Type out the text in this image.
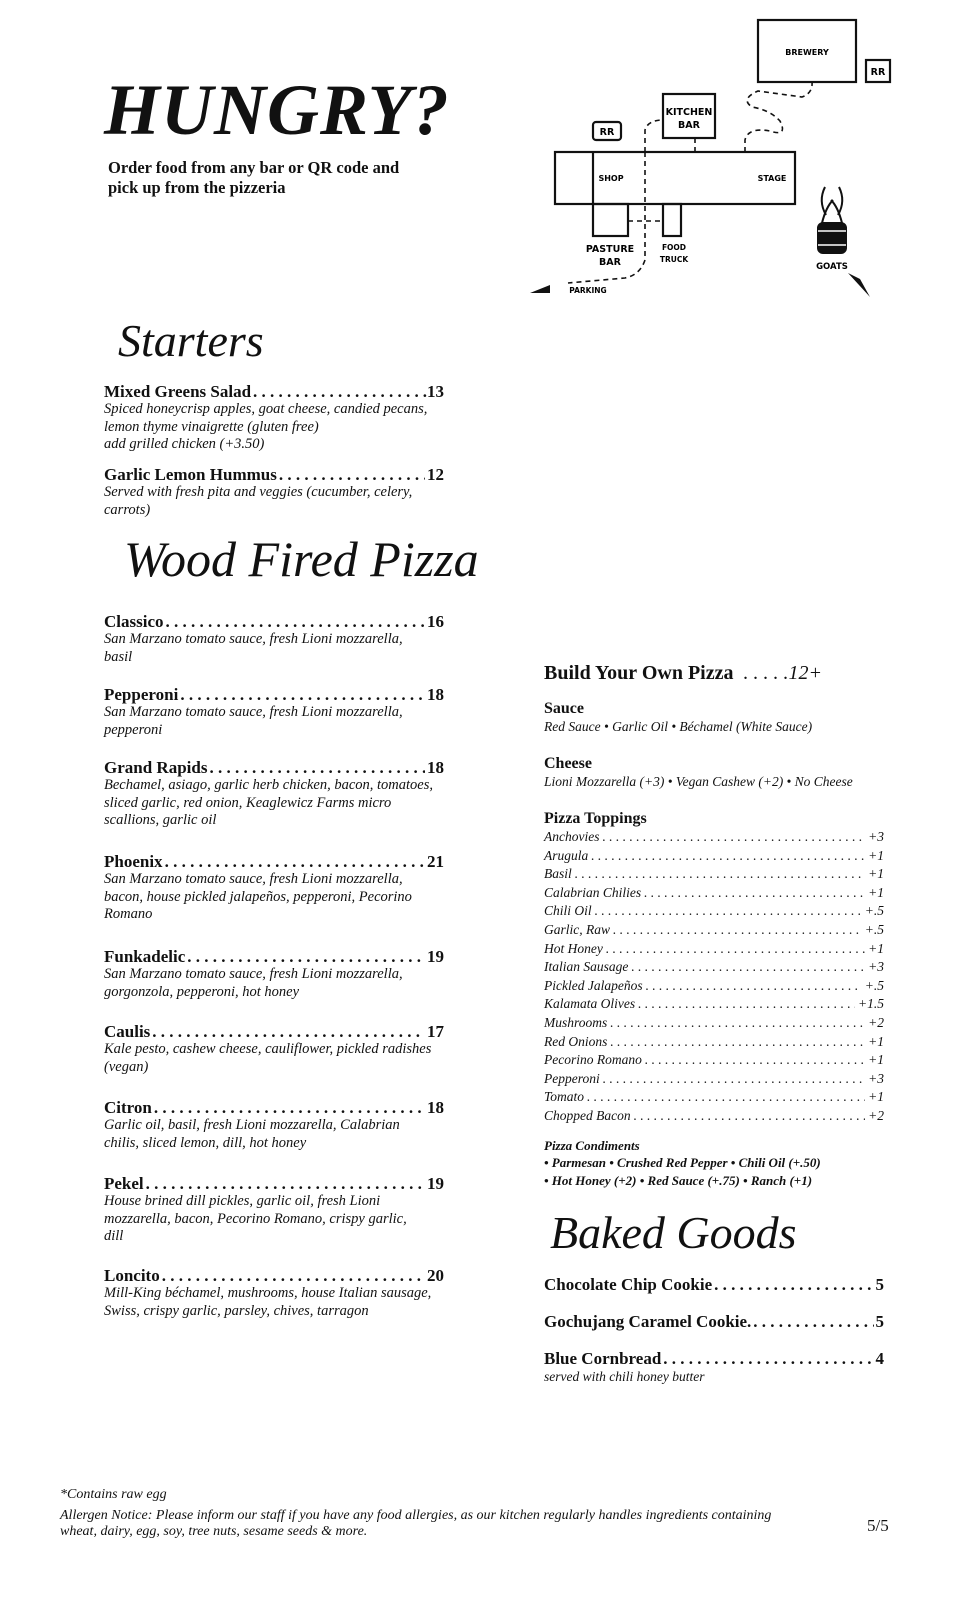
HUNGRY?
Order food from any bar or QR code and
pick up from the pizzeria
BREWERY
RR
RR
KITCHEN
BAR
SHOP	STAGE
PASTURE
BAR
FOOD
TRUCK
GOATS
PARKING
Starters
Mixed Greens Salad . . .	.13
Spiced honeycrisp apples, goat cheese, candied pecans,
lemon thyme vinaigrette (gluten free)
add grilled chicken (+3.50)
Garlic Lemon Hummus . . .	12
Served with fresh pita and veggies (cucumber, celery, carrots)
Wood Fired Pizza
Classico . . .	16
San Marzano tomato sauce, fresh Lioni mozzarella,
basil
Pepperoni . . .	18
San Marzano tomato sauce, fresh Lioni mozzarella,
pepperoni
Grand Rapids . . .	18
Bechamel, asiago, garlic herb chicken, bacon, tomatoes,
sliced garlic, red onion, Keaglewicz Farms micro
scallions, garlic oil
Phoenix . . .	21
San Marzano tomato sauce, fresh Lioni mozzarella,
bacon, house pickled jalapeños, pepperoni, Pecorino
Romano
Funkadelic . . .	19
San Marzano tomato sauce, fresh Lioni mozzarella,
gorgonzola, pepperoni, hot honey
Caulis . . .	17
Kale pesto, cashew cheese, cauliflower, pickled radishes
(vegan)
Citron . . .	18
Garlic oil, basil, fresh Lioni mozzarella, Calabrian
chilis, sliced lemon, dill, hot honey
Pekel . . .	19
House brined dill pickles, garlic oil, fresh Lioni
mozzarella, bacon, Pecorino Romano, crispy garlic,
dill
Loncito . . .	20
Mill-King béchamel, mushrooms, house Italian sausage,
Swiss, crispy garlic, parsley, chives, tarragon
Build Your Own Pizza . . . . .12+
Sauce
Red Sauce • Garlic Oil • Béchamel (White Sauce)
Cheese
Lioni Mozzarella (+3) • Vegan Cashew (+2) • No Cheese
Pizza Toppings
Anchovies . . .	+3
Arugula . . .	+1
Basil . . .	+1
Calabrian Chilies . . .	+1
Chili Oil . . .	+.5
Garlic, Raw . . .	+.5
Hot Honey . . .	+1
Italian Sausage . . .	+3
Pickled Jalapeños . . .	+.5
Kalamata Olives . . .	+1.5
Mushrooms . . .	+2
Red Onions . . .	+1
Pecorino Romano . . .	+1
Pepperoni . . .	+3
Tomato . . .	+1
Chopped Bacon . . .	+2
Pizza Condiments
• Parmesan • Crushed Red Pepper • Chili Oil (+.50)
• Hot Honey (+2) • Red Sauce (+.75) • Ranch (+1)
Baked Goods
Chocolate Chip Cookie . . .	5
Gochujang Caramel Cookie. . . .	5
Blue Cornbread . . .	4
served with chili honey butter
*Contains raw egg
Allergen Notice: Please inform our staff if you have any food allergies, as our kitchen regularly handles ingredients containing
wheat, dairy, egg, soy, tree nuts, sesame seeds & more.	5/5
